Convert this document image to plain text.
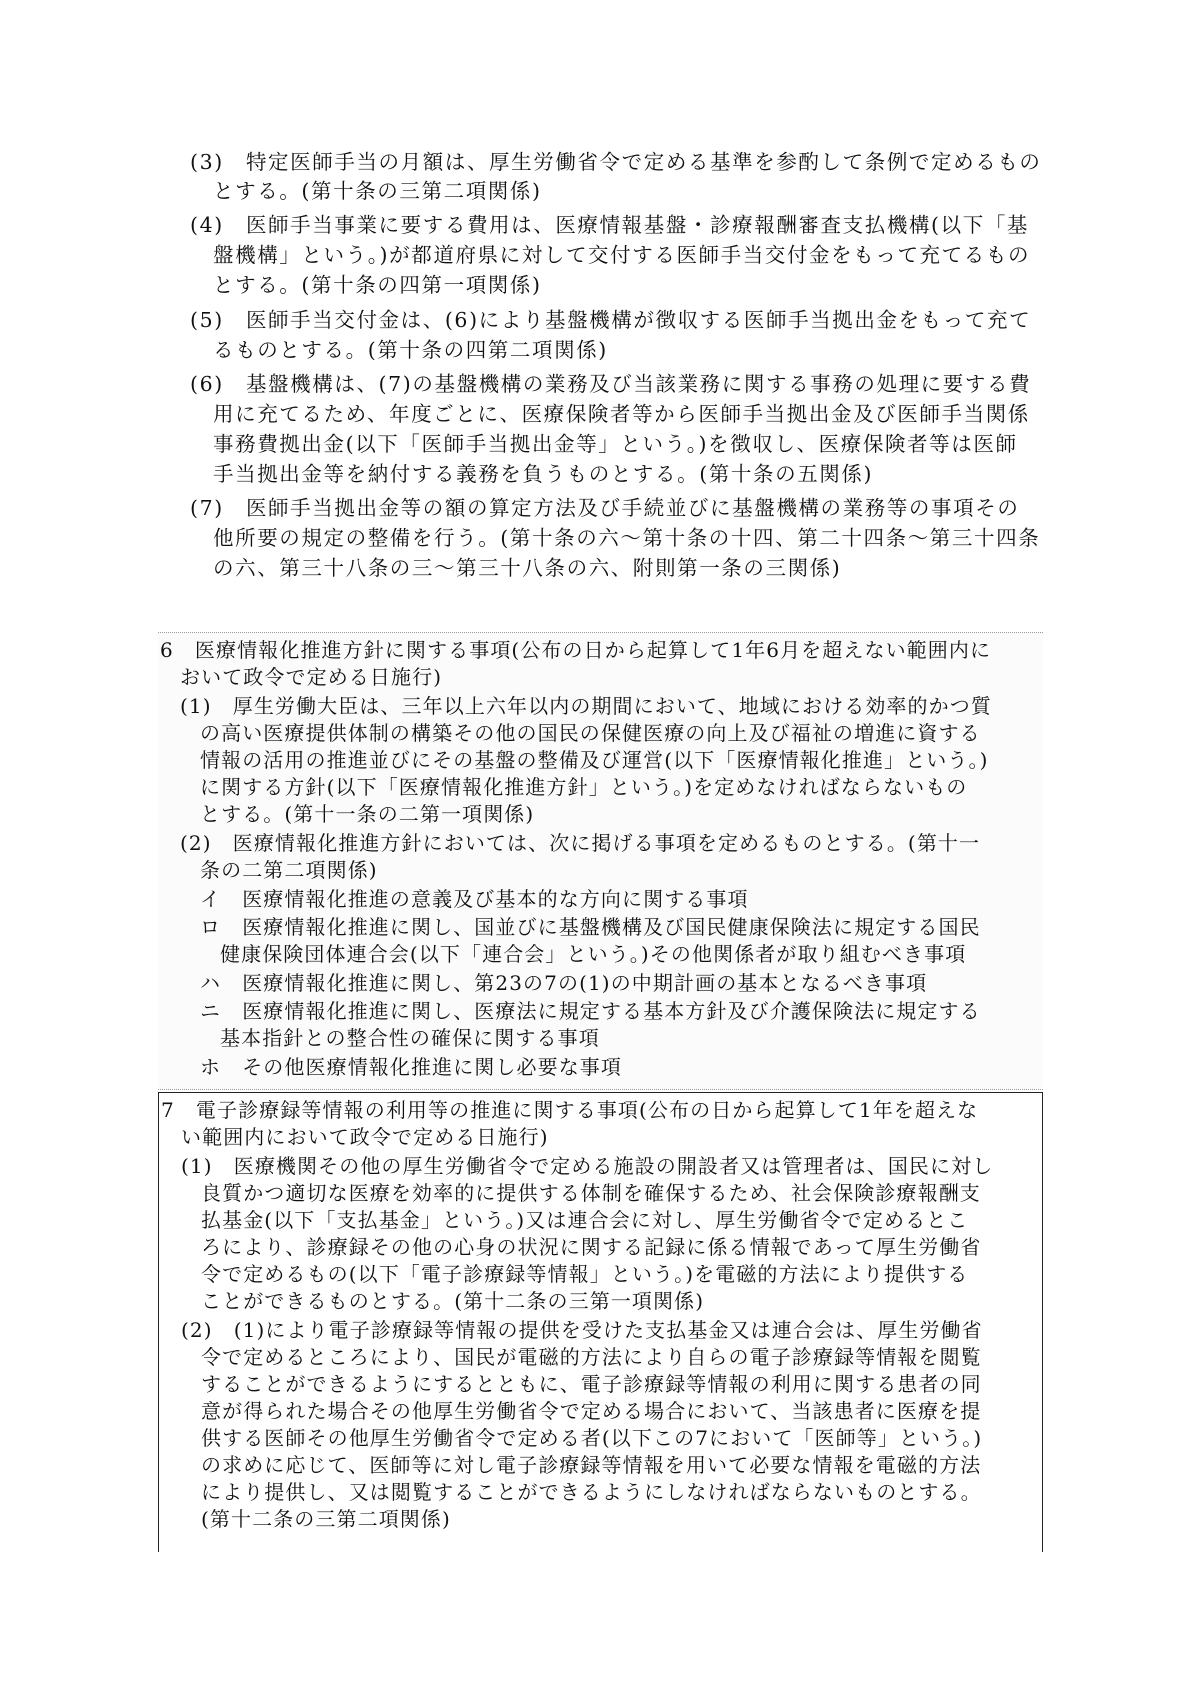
(3)　特定医師手当の月額は、厚生労働省令で定める基準を参酌して条例で定めるもの
とする。(第十条の三第二項関係)
(4)　医師手当事業に要する費用は、医療情報基盤・診療報酬審査支払機構(以下「基
盤機構」という。)が都道府県に対して交付する医師手当交付金をもって充てるもの
とする。(第十条の四第一項関係)
(5)　医師手当交付金は、(6)により基盤機構が徴収する医師手当拠出金をもって充て
るものとする。(第十条の四第二項関係)
(6)　基盤機構は、(7)の基盤機構の業務及び当該業務に関する事務の処理に要する費
用に充てるため、年度ごとに、医療保険者等から医師手当拠出金及び医師手当関係
事務費拠出金(以下「医師手当拠出金等」という。)を徴収し、医療保険者等は医師
手当拠出金等を納付する義務を負うものとする。(第十条の五関係)
(7)　医師手当拠出金等の額の算定方法及び手続並びに基盤機構の業務等の事項その
他所要の規定の整備を行う。(第十条の六～第十条の十四、第二十四条～第三十四条
の六、第三十八条の三～第三十八条の六、附則第一条の三関係)
6　医療情報化推進方針に関する事項(公布の日から起算して1年6月を超えない範囲内に
おいて政令で定める日施行)
(1)　厚生労働大臣は、三年以上六年以内の期間において、地域における効率的かつ質
の高い医療提供体制の構築その他の国民の保健医療の向上及び福祉の増進に資する
情報の活用の推進並びにその基盤の整備及び運営(以下「医療情報化推進」という。)
に関する方針(以下「医療情報化推進方針」という。)を定めなければならないもの
とする。(第十一条の二第一項関係)
(2)　医療情報化推進方針においては、次に掲げる事項を定めるものとする。(第十一
条の二第二項関係)
イ　医療情報化推進の意義及び基本的な方向に関する事項
ロ　医療情報化推進に関し、国並びに基盤機構及び国民健康保険法に規定する国民
健康保険団体連合会(以下「連合会」という。)その他関係者が取り組むべき事項
ハ　医療情報化推進に関し、第23の7の(1)の中期計画の基本となるべき事項
ニ　医療情報化推進に関し、医療法に規定する基本方針及び介護保険法に規定する
基本指針との整合性の確保に関する事項
ホ　その他医療情報化推進に関し必要な事項
7　電子診療録等情報の利用等の推進に関する事項(公布の日から起算して1年を超えな
い範囲内において政令で定める日施行)
(1)　医療機関その他の厚生労働省令で定める施設の開設者又は管理者は、国民に対し
良質かつ適切な医療を効率的に提供する体制を確保するため、社会保険診療報酬支
払基金(以下「支払基金」という。)又は連合会に対し、厚生労働省令で定めるとこ
ろにより、診療録その他の心身の状況に関する記録に係る情報であって厚生労働省
令で定めるもの(以下「電子診療録等情報」という。)を電磁的方法により提供する
ことができるものとする。(第十二条の三第一項関係)
(2)　(1)により電子診療録等情報の提供を受けた支払基金又は連合会は、厚生労働省
令で定めるところにより、国民が電磁的方法により自らの電子診療録等情報を閲覧
することができるようにするとともに、電子診療録等情報の利用に関する患者の同
意が得られた場合その他厚生労働省令で定める場合において、当該患者に医療を提
供する医師その他厚生労働省令で定める者(以下この7において「医師等」という。)
の求めに応じて、医師等に対し電子診療録等情報を用いて必要な情報を電磁的方法
により提供し、又は閲覧することができるようにしなければならないものとする。
(第十二条の三第二項関係)
